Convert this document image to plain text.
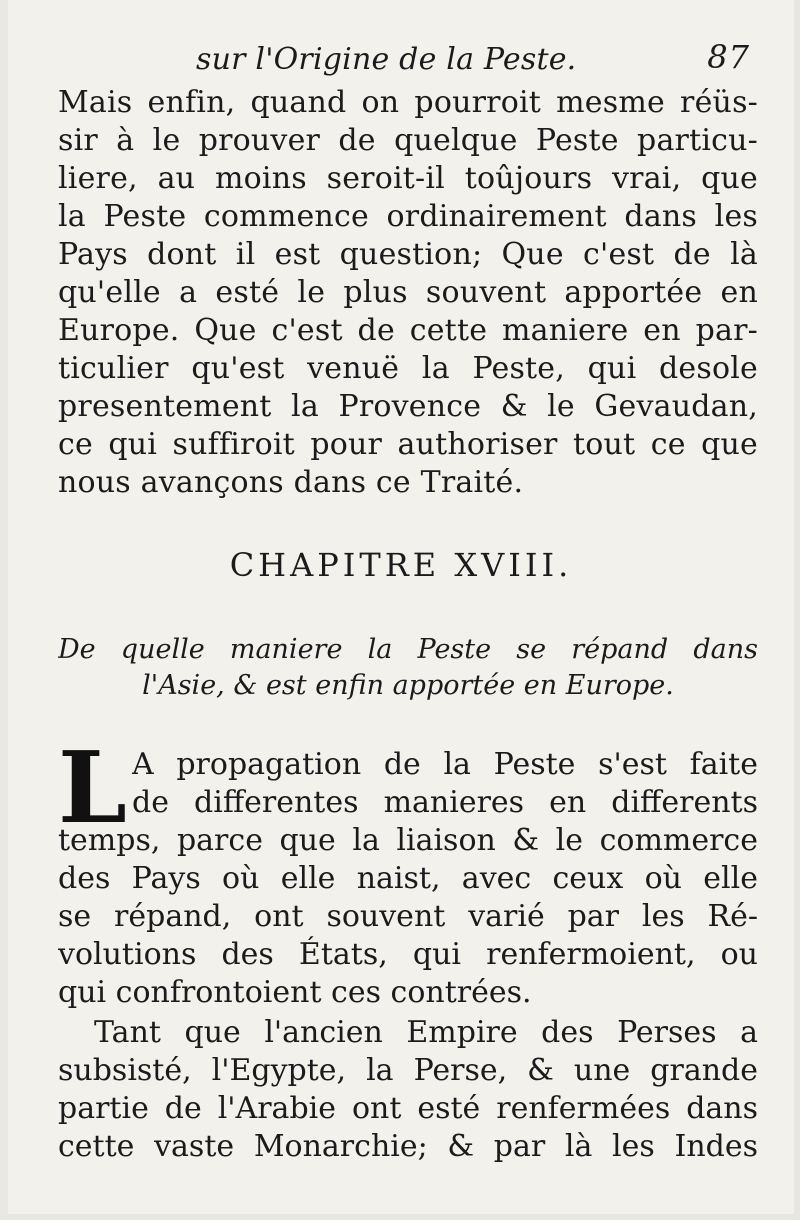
sur l'Origine de la Peste.	87
Mais enfin, quand on pourroit mesme réüs-
sir à le prouver de quelque Peste particu-
liere, au moins seroit-il toûjours vrai, que
la Peste commence ordinairement dans les
Pays dont il est question; Que c'est de là
qu'elle a esté le plus souvent apportée en
Europe. Que c'est de cette maniere en par-
ticulier qu'est venuë la Peste, qui desole
presentement la Provence & le Gevaudan,
ce qui suffiroit pour authoriser tout ce que
nous avançons dans ce Traité.
CHAPITRE XVIII.
De quelle maniere la Peste se répand dans
l'Asie, & est enfin apportée en Europe.
L A propagation de la Peste s'est faite
de differentes manieres en differents
temps, parce que la liaison & le commerce
des Pays où elle naist, avec ceux où elle
se répand, ont souvent varié par les Ré-
volutions des États, qui renfermoient, ou
qui confrontoient ces contrées.
Tant que l'ancien Empire des Perses a
subsisté, l'Egypte, la Perse, & une grande
partie de l'Arabie ont esté renfermées dans
cette vaste Monarchie; & par là les Indes
